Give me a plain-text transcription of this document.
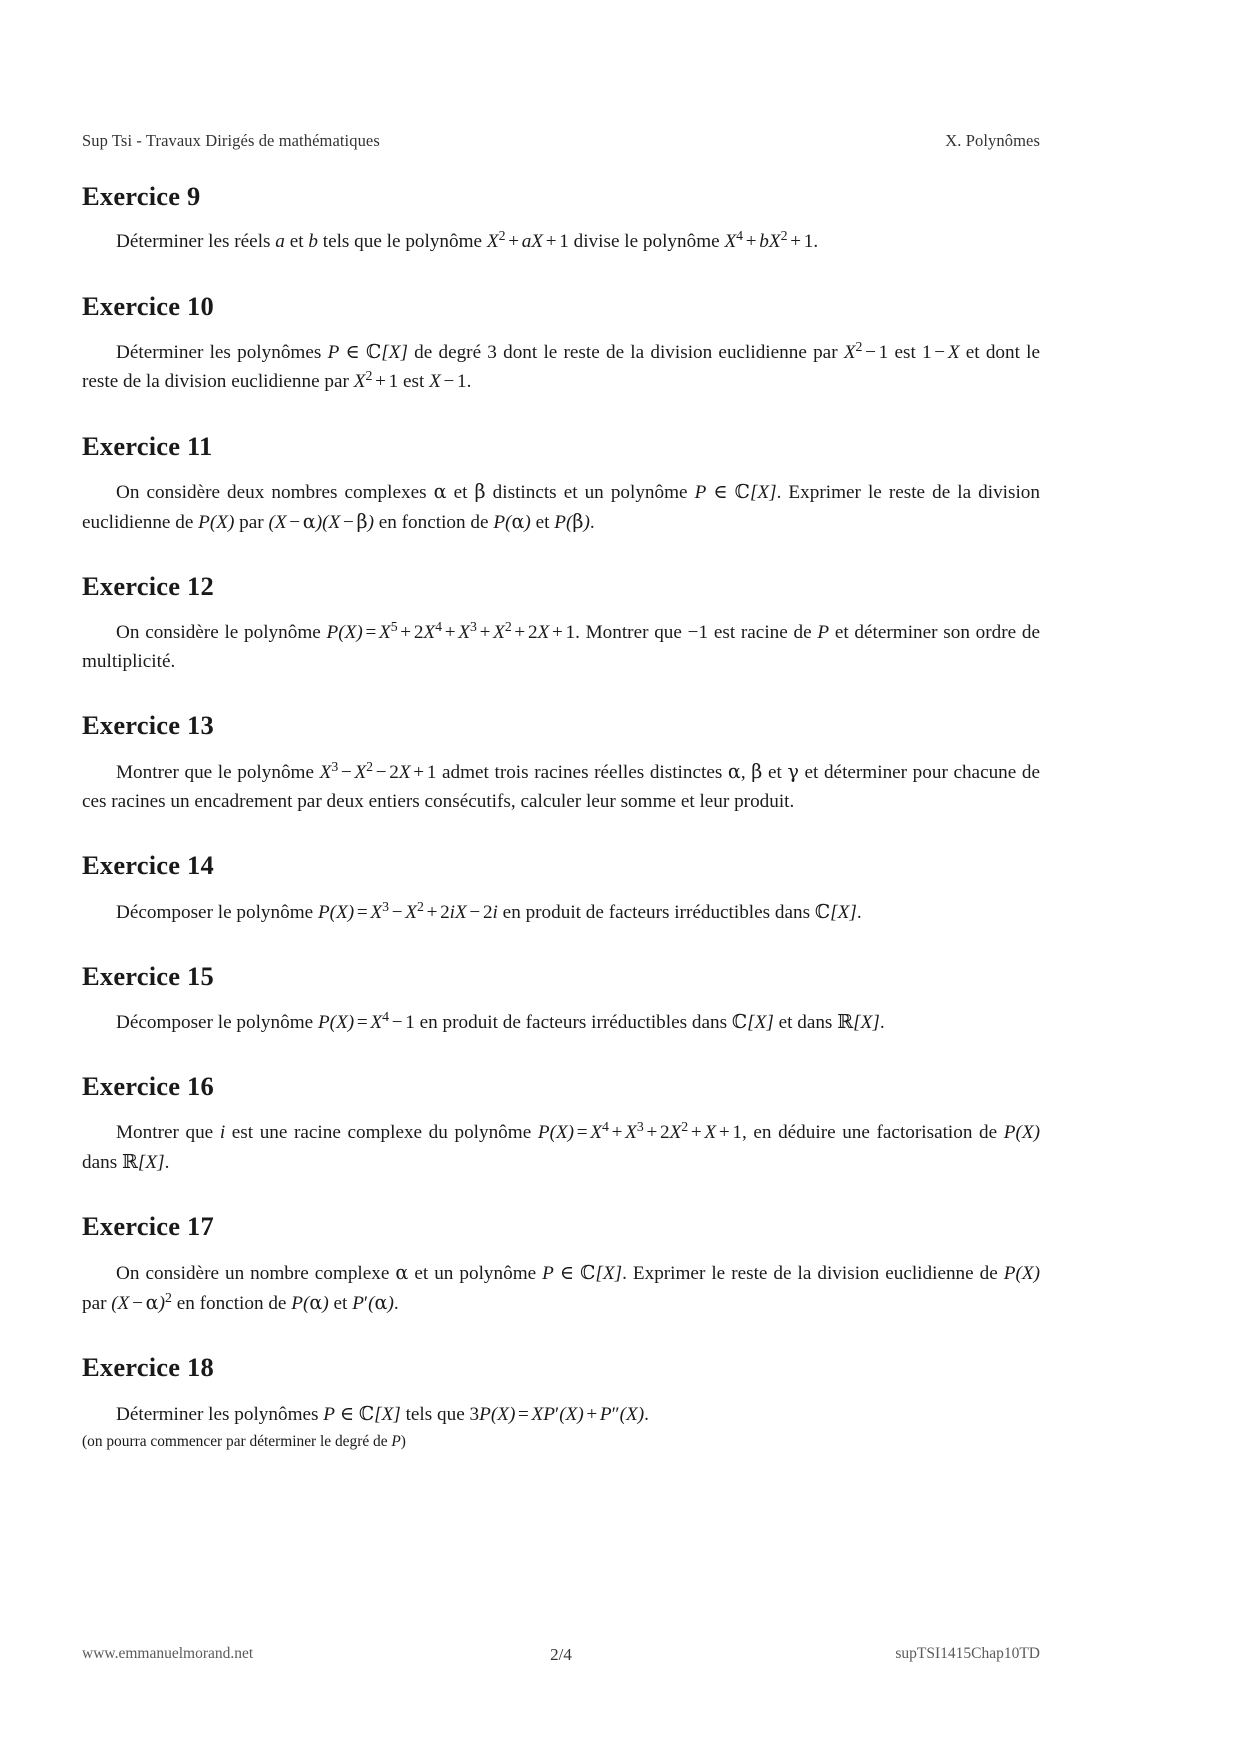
Sup Tsi - Travaux Dirigés de mathématiques	X. Polynômes
Exercice 9

Déterminer les réels a et b tels que le polynôme $X^2$ + aX + 1 divise le polynôme $X^4 + bX^2 + 1$.

Exercice 10

Déterminer les polynômes P ∈ ℂ[X] de degré 3 dont le reste de la division euclidienne par $X^2 - 1$ est 1 − X et dont le reste de la division euclidienne par $X^2 + 1$ est X − 1.

Exercice 11

On considère deux nombres complexes α et β distincts et un polynôme P ∈ ℂ[X]. Exprimer le reste de la division euclidienne de P(X) par (X − α)(X − β) en fonction de P(α) et P(β).

Exercice 12

On considère le polynôme $P(X) = X^5 + 2X^4 + X^3 + X^2 + 2X + 1$. Montrer que −1 est racine de P et déterminer son ordre de multiplicité.

Exercice 13

Montrer que le polynôme $X^3 - X^2 - 2X + 1$ admet trois racines réelles distinctes α, β et γ et déterminer pour chacune de ces racines un encadrement par deux entiers consécutifs, calculer leur somme et leur produit.

Exercice 14

Décomposer le polynôme $P(X) = X^3 - X^2 + 2iX - 2i$ en produit de facteurs irréductibles dans ℂ[X].

Exercice 15

Décomposer le polynôme $P(X) = X^4 - 1$ en produit de facteurs irréductibles dans ℂ[X] et dans ℝ[X].

Exercice 16

Montrer que i est une racine complexe du polynôme $P(X) = X^4 + X^3 + 2X^2 + X + 1$, en déduire une factorisation de P(X) dans ℝ[X].

Exercice 17

On considère un nombre complexe α et un polynôme P ∈ ℂ[X]. Exprimer le reste de la division euclidienne de P(X) par $(X - \alpha)^2$ en fonction de P(α) et P′(α).

Exercice 18

Déterminer les polynômes P ∈ ℂ[X] tels que 3P(X) = XP′(X) + P″(X).

(on pourra commencer par déterminer le degré de P)

www.emmanuelmorand.net	2/4	supTSI1415Chap10TD
